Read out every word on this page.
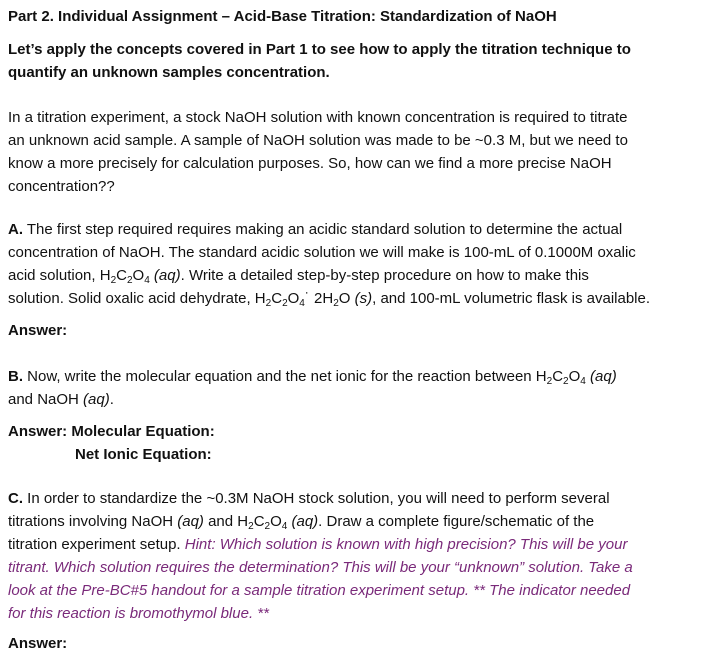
Part 2. Individual Assignment – Acid-Base Titration: Standardization of NaOH

Let’s apply the concepts covered in Part 1 to see how to apply the titration technique to

quantify an unknown samples concentration.

In a titration experiment, a stock NaOH solution with known concentration is required to titrate

an unknown acid sample. A sample of NaOH solution was made to be ~0.3 M, but we need to

know a more precisely for calculation purposes. So, how can we find a more precise NaOH

concentration??

A. The first step required requires making an acidic standard solution to determine the actual

concentration of NaOH. The standard acidic solution we will make is 100-mL of 0.1000M oxalic

acid solution, $H_2C_2O_4$ (aq). Write a detailed step-by-step procedure on how to make this

solution. Solid oxalic acid dehydrate, $H_2C_2O_4˙$ $2H_2O$ (s), and 100-mL volumetric flask is available.

Answer:

B. Now, write the molecular equation and the net ionic for the reaction between $H_2C_2O_4$ (aq)

and NaOH (aq).

Answer: Molecular Equation:

Net Ionic Equation:

C. In order to standardize the ~0.3M NaOH stock solution, you will need to perform several

titrations involving NaOH (aq) and $H_2C_2O_4$ (aq). Draw a complete figure/schematic of the

titration experiment setup. Hint: Which solution is known with high precision? This will be your

titrant. Which solution requires the determination? This will be your “unknown” solution. Take a

look at the Pre-BC#5 handout for a sample titration experiment setup. ** The indicator needed

for this reaction is bromothymol blue. **

Answer:
